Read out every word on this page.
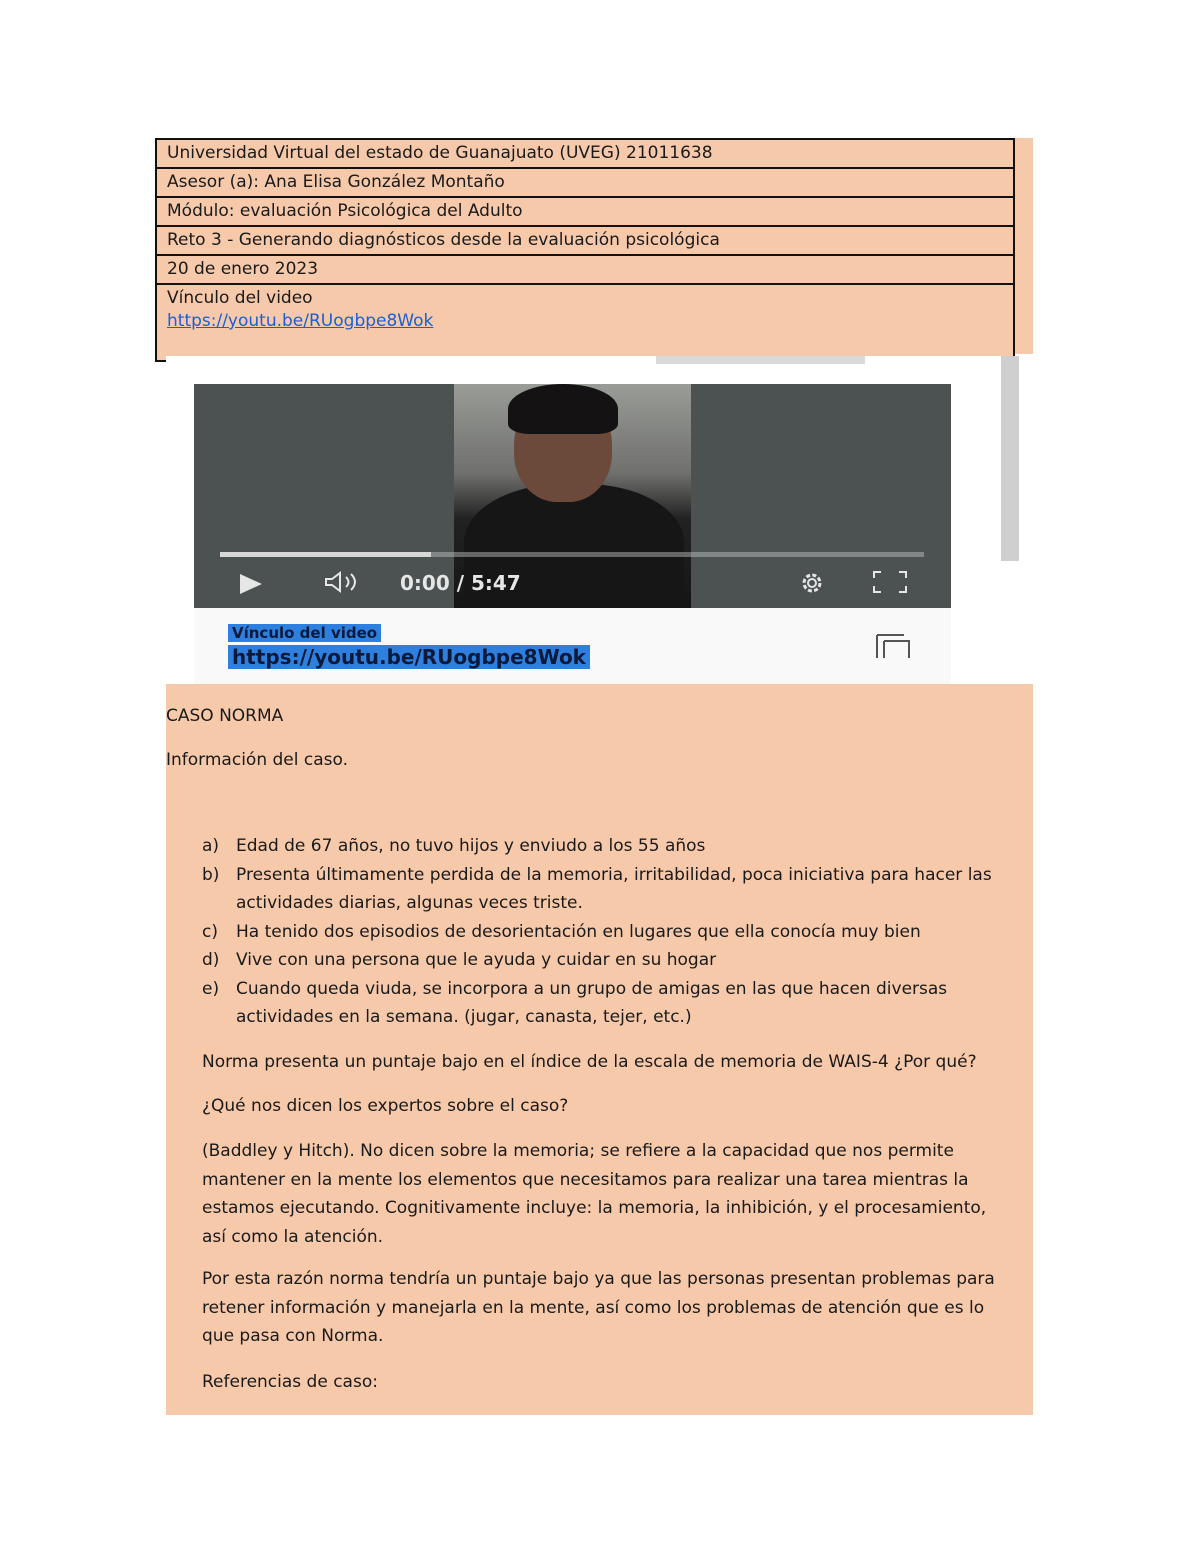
Universidad Virtual del estado de Guanajuato (UVEG) 21011638
Asesor (a): Ana Elisa González Montaño
Módulo: evaluación Psicológica del Adulto
Reto 3 - Generando diagnósticos desde la evaluación psicológica
20 de enero 2023

Vínculo del video
https://youtu.be/RUogbpe8Wok
0:00 / 5:47
Vínculo del video
https://youtu.be/RUogbpe8Wok

CASO NORMA

Información del caso.

a) Edad de 67 años, no tuvo hijos y enviudo a los 55 años
b) Presenta últimamente perdida de la memoria, irritabilidad, poca iniciativa para hacer las actividades diarias, algunas veces triste.
c)	Ha tenido dos episodios de desorientación en lugares que ella conocía muy bien
d) Vive con una persona que le ayuda y cuidar en su hogar
e) Cuando queda viuda, se incorpora a un grupo de amigas en las que hacen diversas actividades en la semana. (jugar, canasta, tejer, etc.)

Norma presenta un puntaje bajo en el índice de la escala de memoria de WAIS-4 ¿Por qué?

¿Qué nos dicen los expertos sobre el caso?

(Baddley y Hitch). No dicen sobre la memoria; se refiere a la capacidad que nos permite mantener en la mente los elementos que necesitamos para realizar una tarea mientras la estamos ejecutando. Cognitivamente incluye: la memoria, la inhibición, y el procesamiento, así como la atención.

Por esta razón norma tendría un puntaje bajo ya que las personas presentan problemas para retener información y manejarla en la mente, así como los problemas de atención que es lo que pasa con Norma.

Referencias de caso:
